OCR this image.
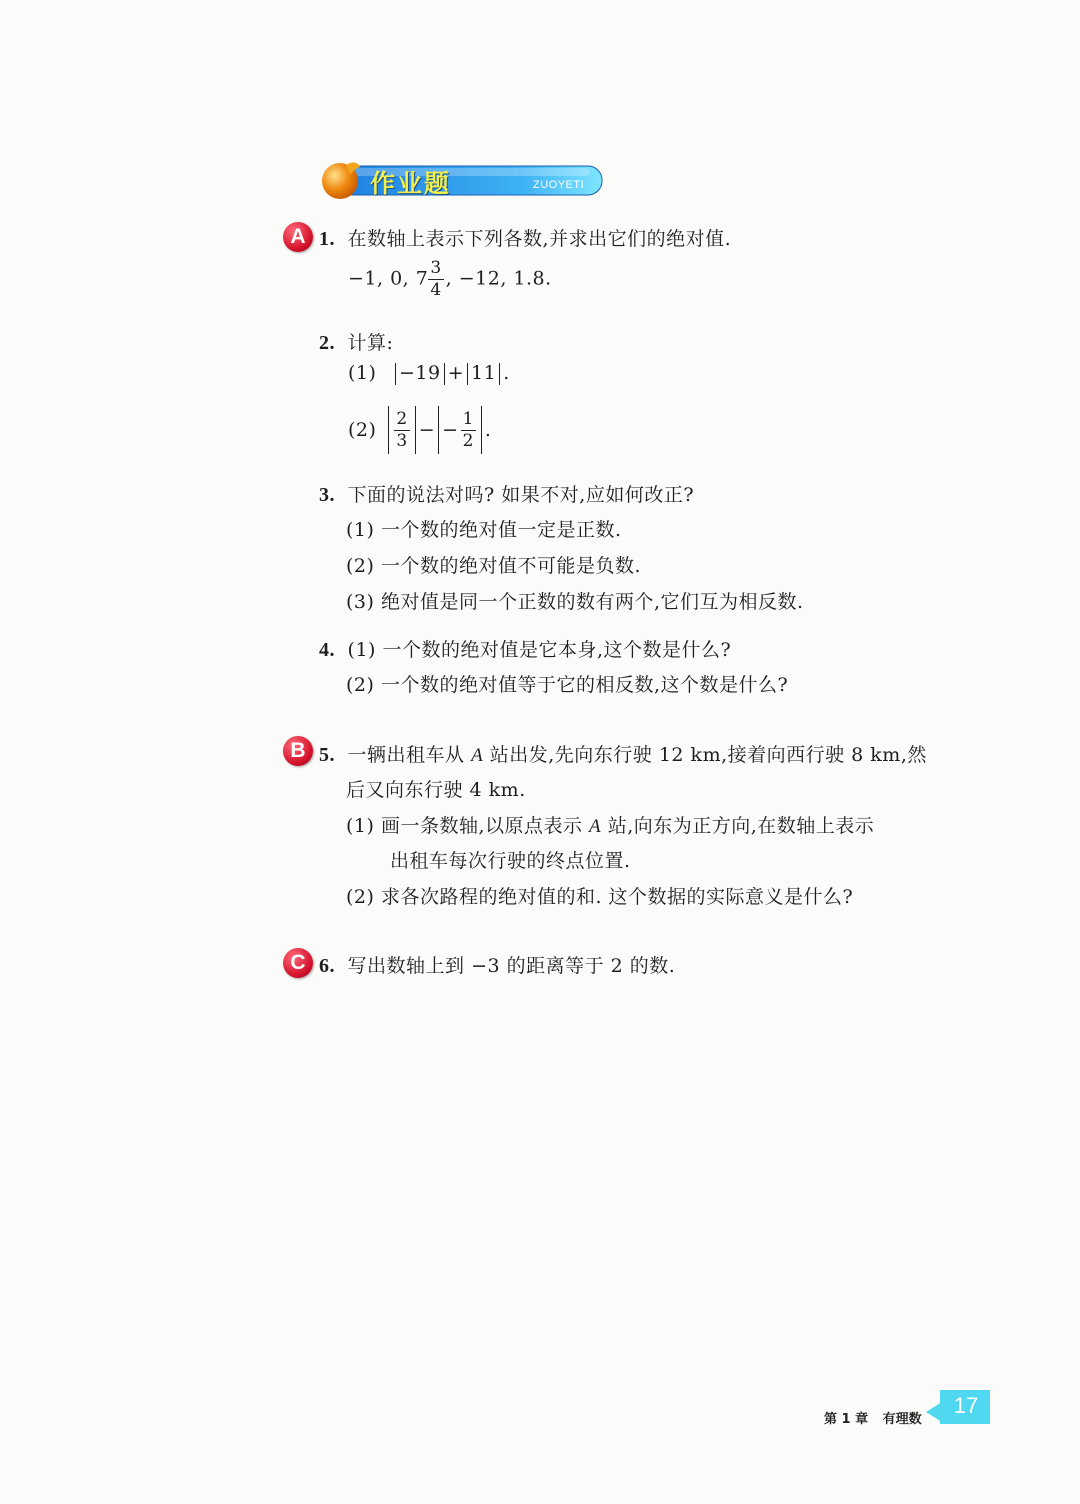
作业题	ZUOYETI
A 1. 在数轴上表示下列各数,并求出它们的绝对值.
−1, 0, $7 \frac{3}{4}$ , −12, 1.8.
2. 计算:
(1) −19 + 11 .
$(2) \frac{2}{3}$ − − $\frac{1}{2}$ .
3. 下面的说法对吗? 如果不对,应如何改正?
(1) 一个数的绝对值一定是正数.
(2) 一个数的绝对值不可能是负数.
(3) 绝对值是同一个正数的数有两个,它们互为相反数.
4. (1) 一个数的绝对值是它本身,这个数是什么?
(2) 一个数的绝对值等于它的相反数,这个数是什么?
B 5. 一辆出租车从 A 站出发,先向东行驶 12 km,接着向西行驶 8 km,然
后又向东行驶 4 km.
(1) 画一条数轴,以原点表示 A 站,向东为正方向,在数轴上表示
出租车每次行驶的终点位置.
(2) 求各次路程的绝对值的和. 这个数据的实际意义是什么?
C 6. 写出数轴上到 −3 的距离等于 2 的数.
第 1 章 有理数
17
